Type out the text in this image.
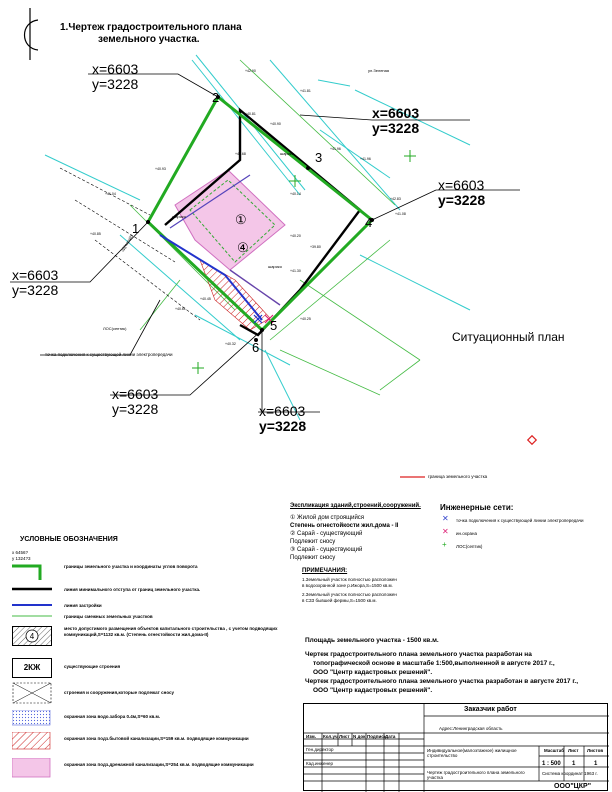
+42.90
+41.81
+41.96
+41.96
+42.83
+41.08
+40.81
+40.90
+40.68
+40.93
+41.04
+40.85	+40.20
+39.80
+41.30
+40.45
+40.61
+40.32
+40.25
+40.14
шарико
шарико
шарико
ул.Зеленая
ЗД(сарай)
ЛОС(септик)
1.Чертеж градостроительного плана
земельного участка.
x=6603
y=3228
x=6603
y=3228
x=6603
y=3228
x=6603
y=3228
x=6603
y=3228	x=6603
y=3228
1
2
3
4
5
6
①
④
Ситуационный план
граница земельного участка
точка подключения к существующей линии электропередачи
Экспликация зданий,строений,сооружений.
① Жилой дом строящийся
Степень огнестойкости жил.дома - II
② Сарай - существующий
Подлежит сносу
③ Сарай - существующий
Подлежит сносу
ПРИМЕЧАНИЯ:
1.Земельный участок полностью расположен
в водоохранной зоне р.Ижора,S=1500 кв.м.
2.Земельный участок полностью расположен
в СЗЗ бывшей фермы,S=1500 кв.м.
Инженерные сети:
✕ точка подключения к существующей линии электропередачи
✕ ин.охрана
+ ЛОС(септик)
УСЛОВНЫЕ ОБОЗНАЧЕНИЯ
х 6456?
у 1324?3
границы земельного участка и координаты углов поворота
линия минимального отступа от границ земельного участка.
линия застройки
границы смежных земельных участков
4
место допустимого размещения объектов капитального строительства , с учетом подводящих коммуникаций,S=1132 кв.м. (Степень огнестойкости жил.дома-II)
2КЖ	существующие строения
строения и сооружения,которые подлежат сносу
охранная зона водо.забора 0.4м,S=60 кв.м.
охранная зона подз.бытовой канализации,S=159 кв.м. подводящие коммуникации
охранная зона подз.дренажной канализации,S=254 кв.м. подводящие коммуникации
Площадь земельного участка - 1500 кв.м.
Чертеж градостроительного плана земельного участка разработан на
топографической основе в масштабе 1:500,выполненной в августе 2017 г.,
ООО "Центр кадастровых решений".
Чертеж градостроительного плана земельного участка разработан в августе 2017 г.,
ООО "Центр кадастровых решений".
Заказчик работ
Адрес:Ленинградская область
Изм. Кол.уч Лист N док Подпись
Дата
Ген.директор
Кад.инженер
Индивидуальное(малоэтажное) жилищное строительство
Масштаб Лист Листов
1 : 500 1	1
Чертеж градостроительного плана земельного участка
Система координат 1963 г.
ООО"ЦКР"
